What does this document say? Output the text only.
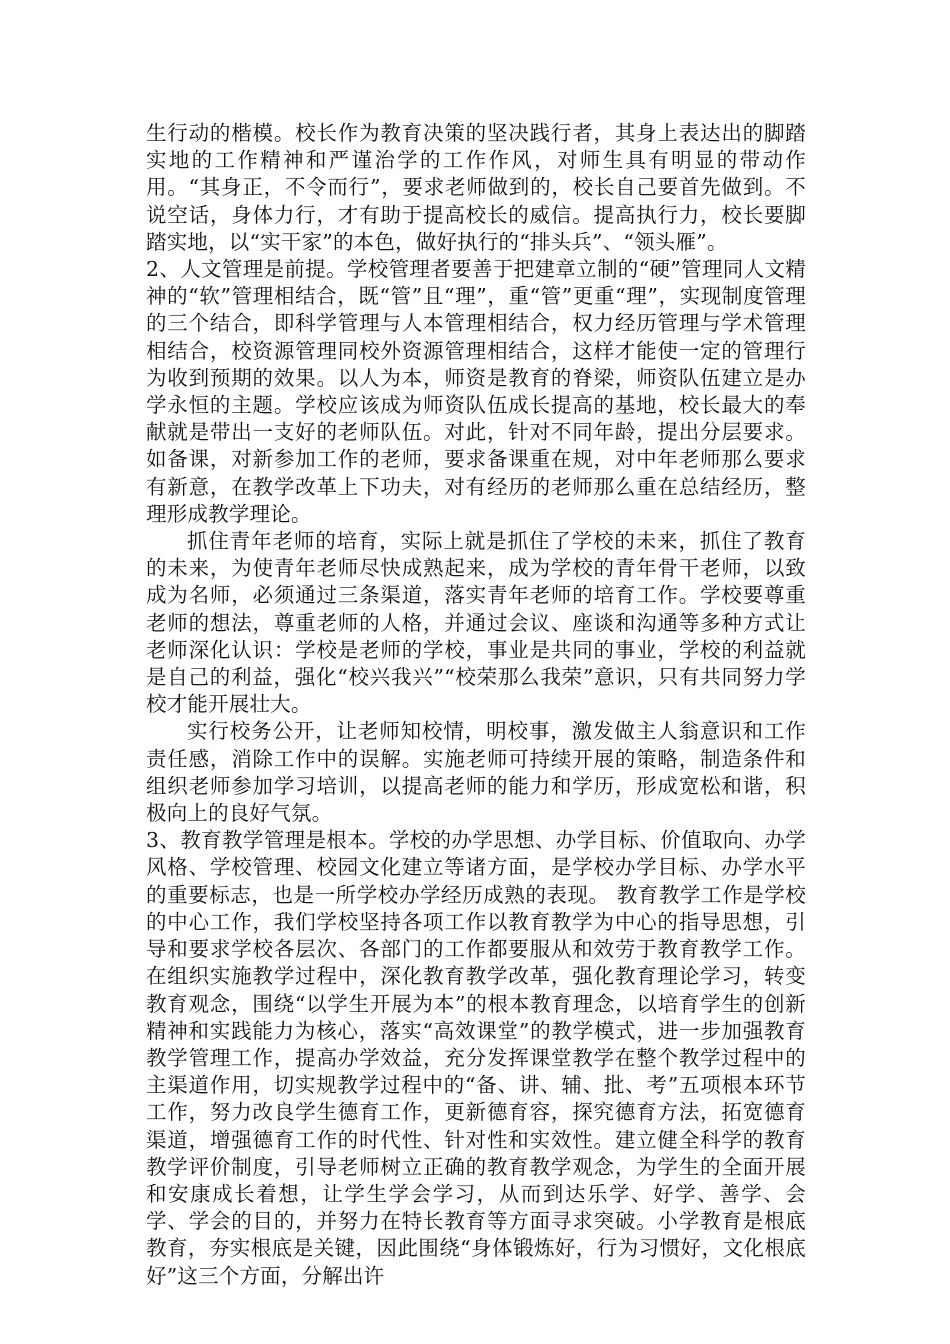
生行动的楷模。校长作为教育决策的坚决践行者，其身上表达出的脚踏实地的工作精神和严谨治学的工作作风，对师生具有明显的带动作用。“其身正，不令而行”，要求老师做到的，校长自己要首先做到。不说空话，身体力行，才有助于提高校长的威信。提高执行力，校长要脚踏实地，以“实干家”的本色，做好执行的“排头兵”、“领头雁”。

2、人文管理是前提。学校管理者要善于把建章立制的“硬”管理同人文精神的“软”管理相结合，既“管”且“理”，重“管”更重“理”，实现制度管理的三个结合，即科学管理与人本管理相结合，权力经历管理与学术管理相结合，校资源管理同校外资源管理相结合，这样才能使一定的管理行为收到预期的效果。以人为本，师资是教育的脊梁，师资队伍建立是办学永恒的主题。学校应该成为师资队伍成长提高的基地，校长最大的奉献就是带出一支好的老师队伍。对此，针对不同年龄，提出分层要求。如备课，对新参加工作的老师，要求备课重在规，对中年老师那么要求有新意，在教学改革上下功夫，对有经历的老师那么重在总结经历，整理形成教学理论。

抓住青年老师的培育，实际上就是抓住了学校的未来，抓住了教育的未来，为使青年老师尽快成熟起来，成为学校的青年骨干老师，以致成为名师，必须通过三条渠道，落实青年老师的培育工作。学校要尊重老师的想法，尊重老师的人格，并通过会议、座谈和沟通等多种方式让老师深化认识：学校是老师的学校，事业是共同的事业，学校的利益就是自己的利益，强化“校兴我兴”“校荣那么我荣”意识，只有共同努力学校才能开展壮大。

实行校务公开，让老师知校情，明校事，激发做主人翁意识和工作责任感，消除工作中的误解。实施老师可持续开展的策略，制造条件和组织老师参加学习培训，以提高老师的能力和学历，形成宽松和谐，积极向上的良好气氛。

3、教育教学管理是根本。学校的办学思想、办学目标、价值取向、办学风格、学校管理、校园文化建立等诸方面，是学校办学目标、办学水平的重要标志，也是一所学校办学经历成熟的表现。 教育教学工作是学校的中心工作，我们学校坚持各项工作以教育教学为中心的指导思想，引导和要求学校各层次、各部门的工作都要服从和效劳于教育教学工作。在组织实施教学过程中，深化教育教学改革，强化教育理论学习，转变教育观念，围绕“以学生开展为本”的根本教育理念，以培育学生的创新精神和实践能力为核心，落实“高效课堂”的教学模式，进一步加强教育教学管理工作，提高办学效益，充分发挥课堂教学在整个教学过程中的主渠道作用，切实规教学过程中的“备、讲、辅、批、考”五项根本环节工作，努力改良学生德育工作，更新德育容，探究德育方法，拓宽德育渠道，增强德育工作的时代性、针对性和实效性。建立健全科学的教育教学评价制度，引导老师树立正确的教育教学观念，为学生的全面开展和安康成长着想，让学生学会学习，从而到达乐学、好学、善学、会学、学会的目的，并努力在特长教育等方面寻求突破。小学教育是根底教育，夯实根底是关键，因此围绕“身体锻炼好，行为习惯好，文化根底好”这三个方面，分解出许
